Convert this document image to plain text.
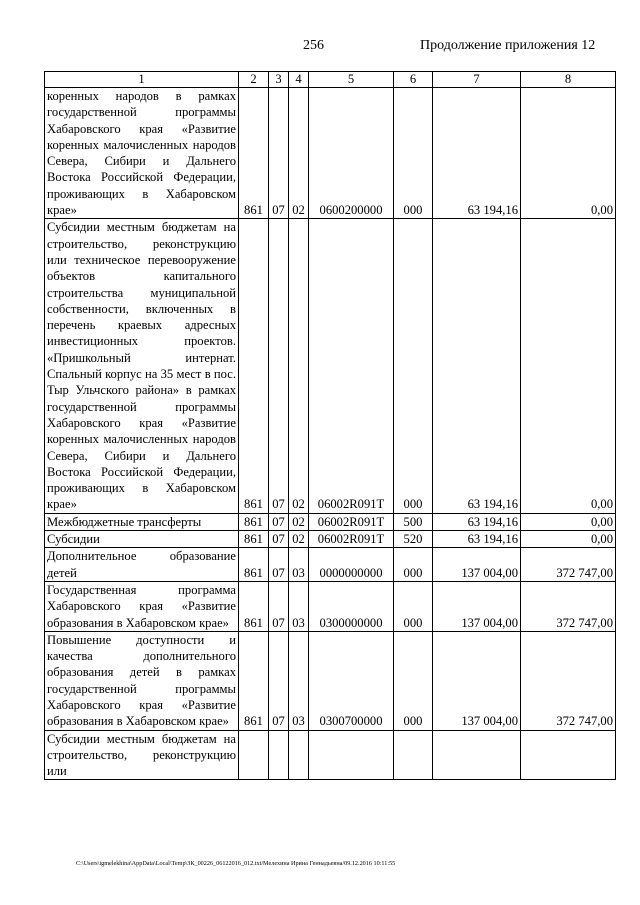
256	Продолжение приложения 12
1	2	3	4	5	6	7	8
коренных народов в рамках государственной программы Хабаровского края «Развитие коренных малочисленных народов Севера, Сибири и Дальнего Востока Российской Федерации, проживающих в Хабаровском крае»	861	07	02	0600200000	000	63 194,16	0,00
Субсидии местным бюджетам на строительство, реконструкцию или техническое перевооружение объектов капитального строительства муниципальной собственности, включенных в перечень краевых адресных инвестиционных проектов. «Пришкольный интернат. Спальный корпус на 35 мест в пос. Тыр Ульчского района» в рамках государственной программы Хабаровского края «Развитие коренных малочисленных народов Севера, Сибири и Дальнего Востока Российской Федерации, проживающих в Хабаровском крае»	861	07	02	06002R091Т	000	63 194,16	0,00
Межбюджетные трансферты	861	07	02	06002R091Т	500	63 194,16	0,00
Субсидии	861	07	02	06002R091Т	520	63 194,16	0,00
Дополнительное образование детей	861	07	03	0000000000	000	137 004,00	372 747,00
Государственная программа Хабаровского края «Развитие образования в Хабаровском крае»	861	07	03	0300000000	000	137 004,00	372 747,00
Повышение доступности и качества дополнительного образования детей в рамках государственной программы Хабаровского края «Развитие образования в Хабаровском крае»	861	07	03	0300700000	000	137 004,00	372 747,00
Субсидии местным бюджетам на строительство, реконструкцию или							
C:\Users\igmelekhina\AppData\Local\Temp\ЗК_00226_06122016_012.txt/Мелехина Ирина Геннадьевна/09.12.2016 10:11:55
